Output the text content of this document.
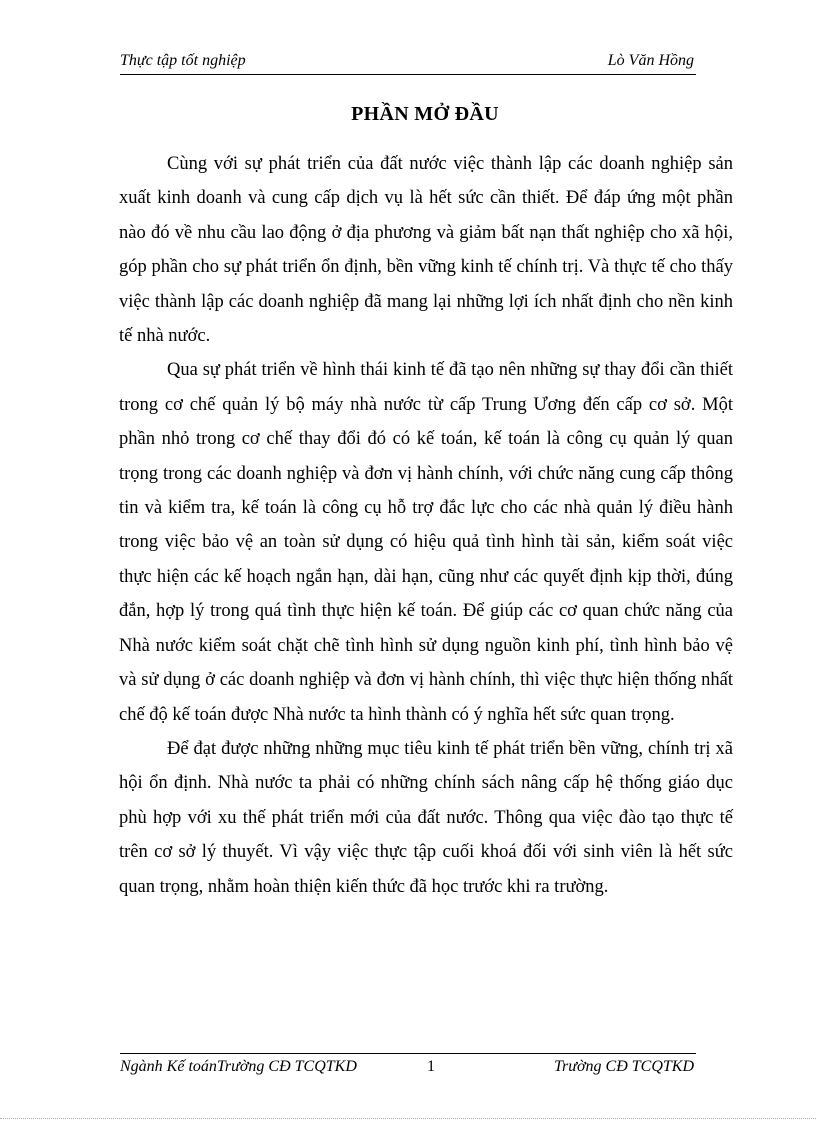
Thực tập tốt nghiệp	Lò Văn Hồng
PHẦN MỞ ĐẦU

Cùng với sự phát triển của đất nước việc thành lập các doanh nghiệp sản xuất kinh doanh và cung cấp dịch vụ là hết sức cần thiết. Để đáp ứng một phần nào đó về nhu cầu lao động ở địa phương và giảm bất nạn thất nghiệp cho xã hội, góp phần cho sự phát triển ổn định, bền vững kinh tế chính trị. Và thực tế cho thấy việc thành lập các doanh nghiệp đã mang lại những lợi ích nhất định cho nền kinh tế nhà nước.

Qua sự phát triển về hình thái kinh tế đã tạo nên những sự thay đổi cần thiết trong cơ chế quản lý bộ máy nhà nước từ cấp Trung Ương đến cấp cơ sở. Một phần nhỏ trong cơ chế thay đổi đó có kế toán, kế toán là công cụ quản lý quan trọng trong các doanh nghiệp và đơn vị hành chính, với chức năng cung cấp thông tin và kiểm tra, kế toán là công cụ hỗ trợ đắc lực cho các nhà quản lý điều hành trong việc bảo vệ an toàn sử dụng có hiệu quả tình hình tài sản, kiểm soát việc thực hiện các kế hoạch ngắn hạn, dài hạn, cũng như các quyết định kịp thời, đúng đắn, hợp lý trong quá tình thực hiện kế toán. Để giúp các cơ quan chức năng của Nhà nước kiểm soát chặt chẽ tình hình sử dụng nguồn kinh phí, tình hình bảo vệ và sử dụng ở các doanh nghiệp và đơn vị hành chính, thì việc thực hiện thống nhất chế độ kế toán được Nhà nước ta hình thành có ý nghĩa hết sức quan trọng.

Để đạt được những những mục tiêu kinh tế phát triển bền vững, chính trị xã hội ổn định. Nhà nước ta phải có những chính sách nâng cấp hệ thống giáo dục phù hợp với xu thế phát triển mới của đất nước. Thông qua việc đào tạo thực tế trên cơ sở lý thuyết. Vì vậy việc thực tập cuối khoá đối với sinh viên là hết sức quan trọng, nhằm hoàn thiện kiến thức đã học trước khi ra trường.

Ngành Kế toánTrường CĐ TCQTKD	1	Trường CĐ TCQTKD
